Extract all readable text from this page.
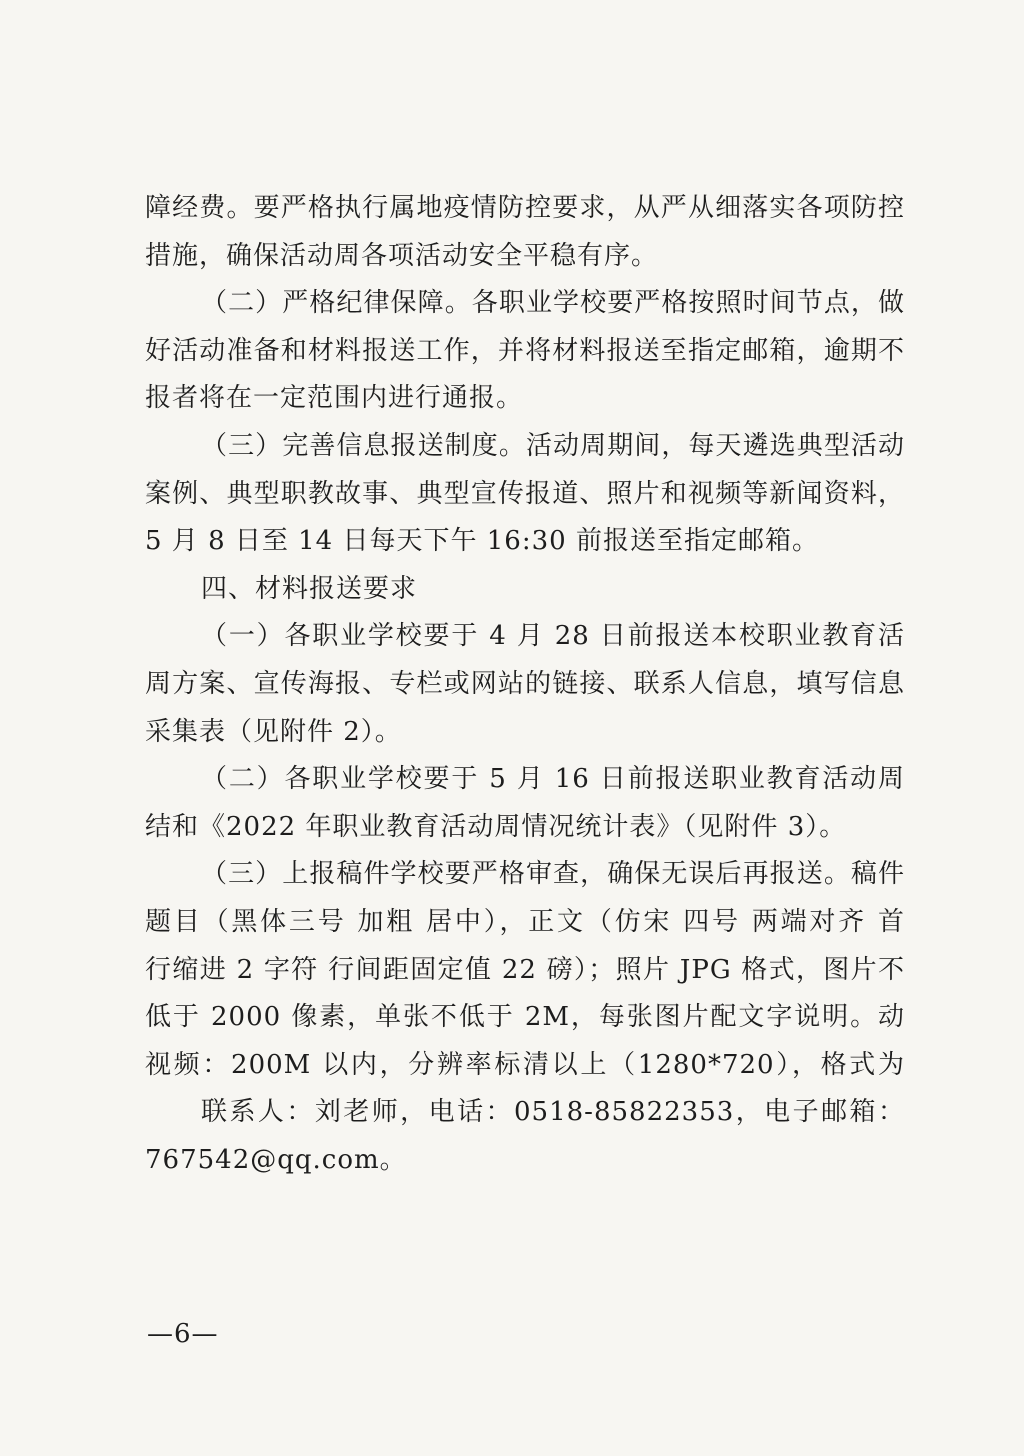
障经费。要严格执行属地疫情防控要求，从严从细落实各项防控
措施，确保活动周各项活动安全平稳有序。
（二）严格纪律保障。各职业学校要严格按照时间节点，做
好活动准备和材料报送工作，并将材料报送至指定邮箱，逾期不
报者将在一定范围内进行通报。
（三）完善信息报送制度。活动周期间，每天遴选典型活动
案例、典型职教故事、典型宣传报道、照片和视频等新闻资料，
5 月 8 日至 14 日每天下午 16:30 前报送至指定邮箱。
四、材料报送要求
（一）各职业学校要于 4 月 28 日前报送本校职业教育活
周方案、宣传海报、专栏或网站的链接、联系人信息，填写信息
采集表（见附件 2）。
（二）各职业学校要于 5 月 16 日前报送职业教育活动周
结和《2022 年职业教育活动周情况统计表》（见附件 3）。
（三）上报稿件学校要严格审查，确保无误后再报送。稿件
题目（黑体三号 加粗 居中），正文（仿宋 四号 两端对齐 首
行缩进 2 字符 行间距固定值 22 磅）；照片 JPG 格式，图片不
低于 2000 像素，单张不低于 2M，每张图片配文字说明。动
视频：200M 以内，分辨率标清以上（1280*720），格式为
联系人：刘老师，电话：0518-85822353，电子邮箱：
767542@qq.com。
—6—
